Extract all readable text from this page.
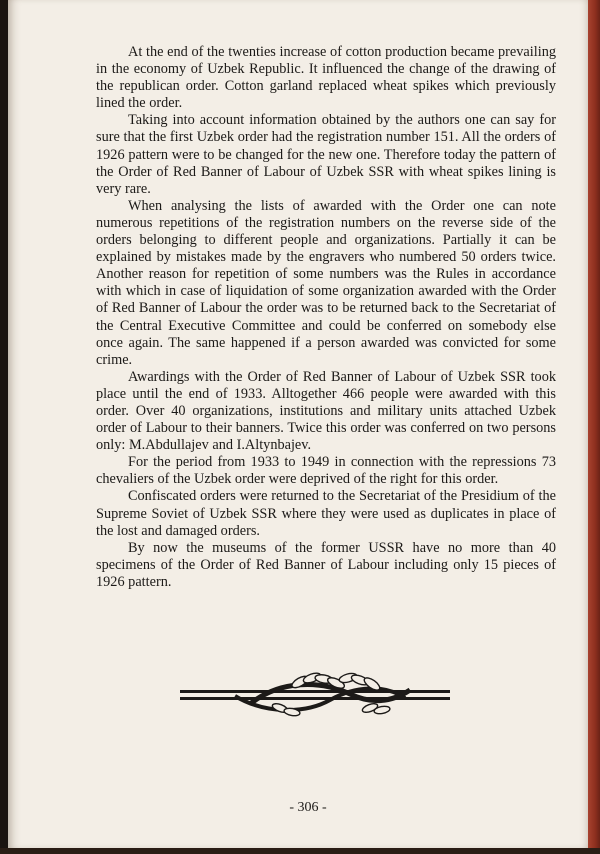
At the end of the twenties increase of cotton production became prevailing in the economy of Uzbek Republic. It influenced the change of the drawing of the republican order. Cotton garland replaced wheat spikes which previously lined the order.

Taking into account information obtained by the authors one can say for sure that the first Uzbek order had the registration number 151. All the orders of 1926 pattern were to be changed for the new one. Therefore today the pattern of the Order of Red Banner of Labour of Uzbek SSR with wheat spikes lining is very rare.

When analysing the lists of awarded with the Order one can note numerous repetitions of the registration numbers on the reverse side of the orders belonging to different people and organizations. Partially it can be explained by mistakes made by the engravers who numbered 50 orders twice. Another reason for repetition of some numbers was the Rules in accordance with which in case of liquidation of some organization awarded with the Order of Red Banner of Labour the order was to be returned back to the Secretariat of the Central Executive Committee and could be conferred on somebody else once again. The same happened if a person awarded was convicted for some crime.

Awardings with the Order of Red Banner of Labour of Uzbek SSR took place until the end of 1933. Alltogether 466 people were awarded with this order. Over 40 organizations, institutions and military units attached Uzbek order of Labour to their banners. Twice this order was conferred on two persons only: M.Abdullajev and I.Altynbajev.

For the period from 1933 to 1949 in connection with the repressions 73 chevaliers of the Uzbek order were deprived of the right for this order.

Confiscated orders were returned to the Secretariat of the Presidium of the Supreme Soviet of Uzbek SSR where they were used as duplicates in place of the lost and damaged orders.

By now the museums of the former USSR have no more than 40 specimens of the Order of Red Banner of Labour including only 15 pieces of 1926 pattern.

- 306 -
